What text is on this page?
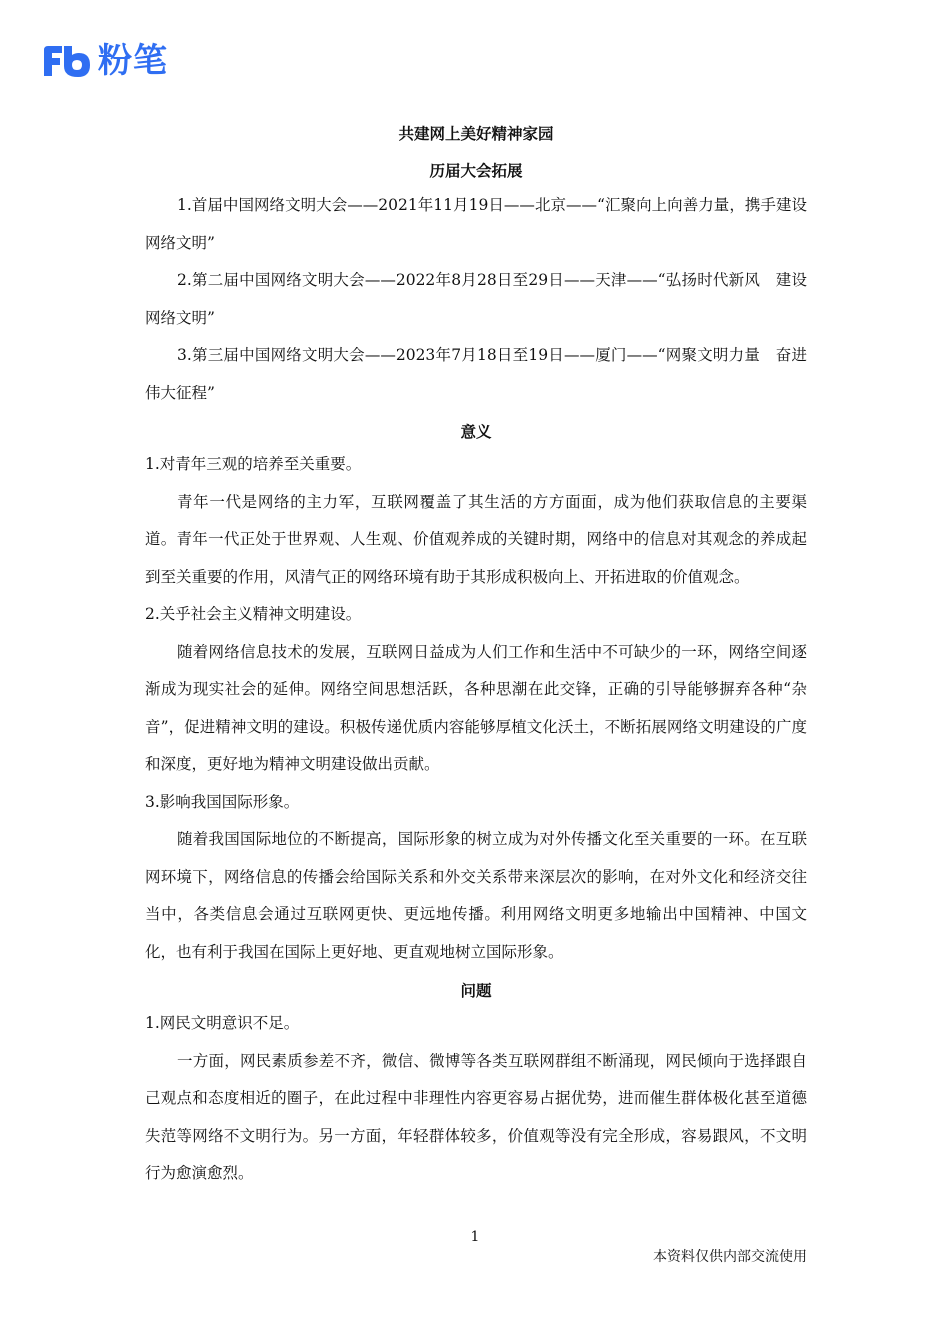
粉笔

共建网上美好精神家园

历届大会拓展

1.首届中国网络文明大会——2021年11月19日——北京——“汇聚向上向善力量，携手建设网络文明”

2.第二届中国网络文明大会——2022年8月28日至29日——天津——“弘扬时代新风　建设网络文明”

3.第三届中国网络文明大会——2023年7月18日至19日——厦门——“网聚文明力量　奋进伟大征程”

意义

1.对青年三观的培养至关重要。

青年一代是网络的主力军，互联网覆盖了其生活的方方面面，成为他们获取信息的主要渠道。青年一代正处于世界观、人生观、价值观养成的关键时期，网络中的信息对其观念的养成起到至关重要的作用，风清气正的网络环境有助于其形成积极向上、开拓进取的价值观念。

2.关乎社会主义精神文明建设。

随着网络信息技术的发展，互联网日益成为人们工作和生活中不可缺少的一环，网络空间逐渐成为现实社会的延伸。网络空间思想活跃，各种思潮在此交锋，正确的引导能够摒弃各种“杂音”，促进精神文明的建设。积极传递优质内容能够厚植文化沃土，不断拓展网络文明建设的广度和深度，更好地为精神文明建设做出贡献。

3.影响我国国际形象。

随着我国国际地位的不断提高，国际形象的树立成为对外传播文化至关重要的一环。在互联网环境下，网络信息的传播会给国际关系和外交关系带来深层次的影响，在对外文化和经济交往当中，各类信息会通过互联网更快、更远地传播。利用网络文明更多地输出中国精神、中国文化，也有利于我国在国际上更好地、更直观地树立国际形象。

问题

1.网民文明意识不足。

一方面，网民素质参差不齐，微信、微博等各类互联网群组不断涌现，网民倾向于选择跟自己观点和态度相近的圈子，在此过程中非理性内容更容易占据优势，进而催生群体极化甚至道德失范等网络不文明行为。另一方面，年轻群体较多，价值观等没有完全形成，容易跟风，不文明行为愈演愈烈。

1
本资料仅供内部交流使用
